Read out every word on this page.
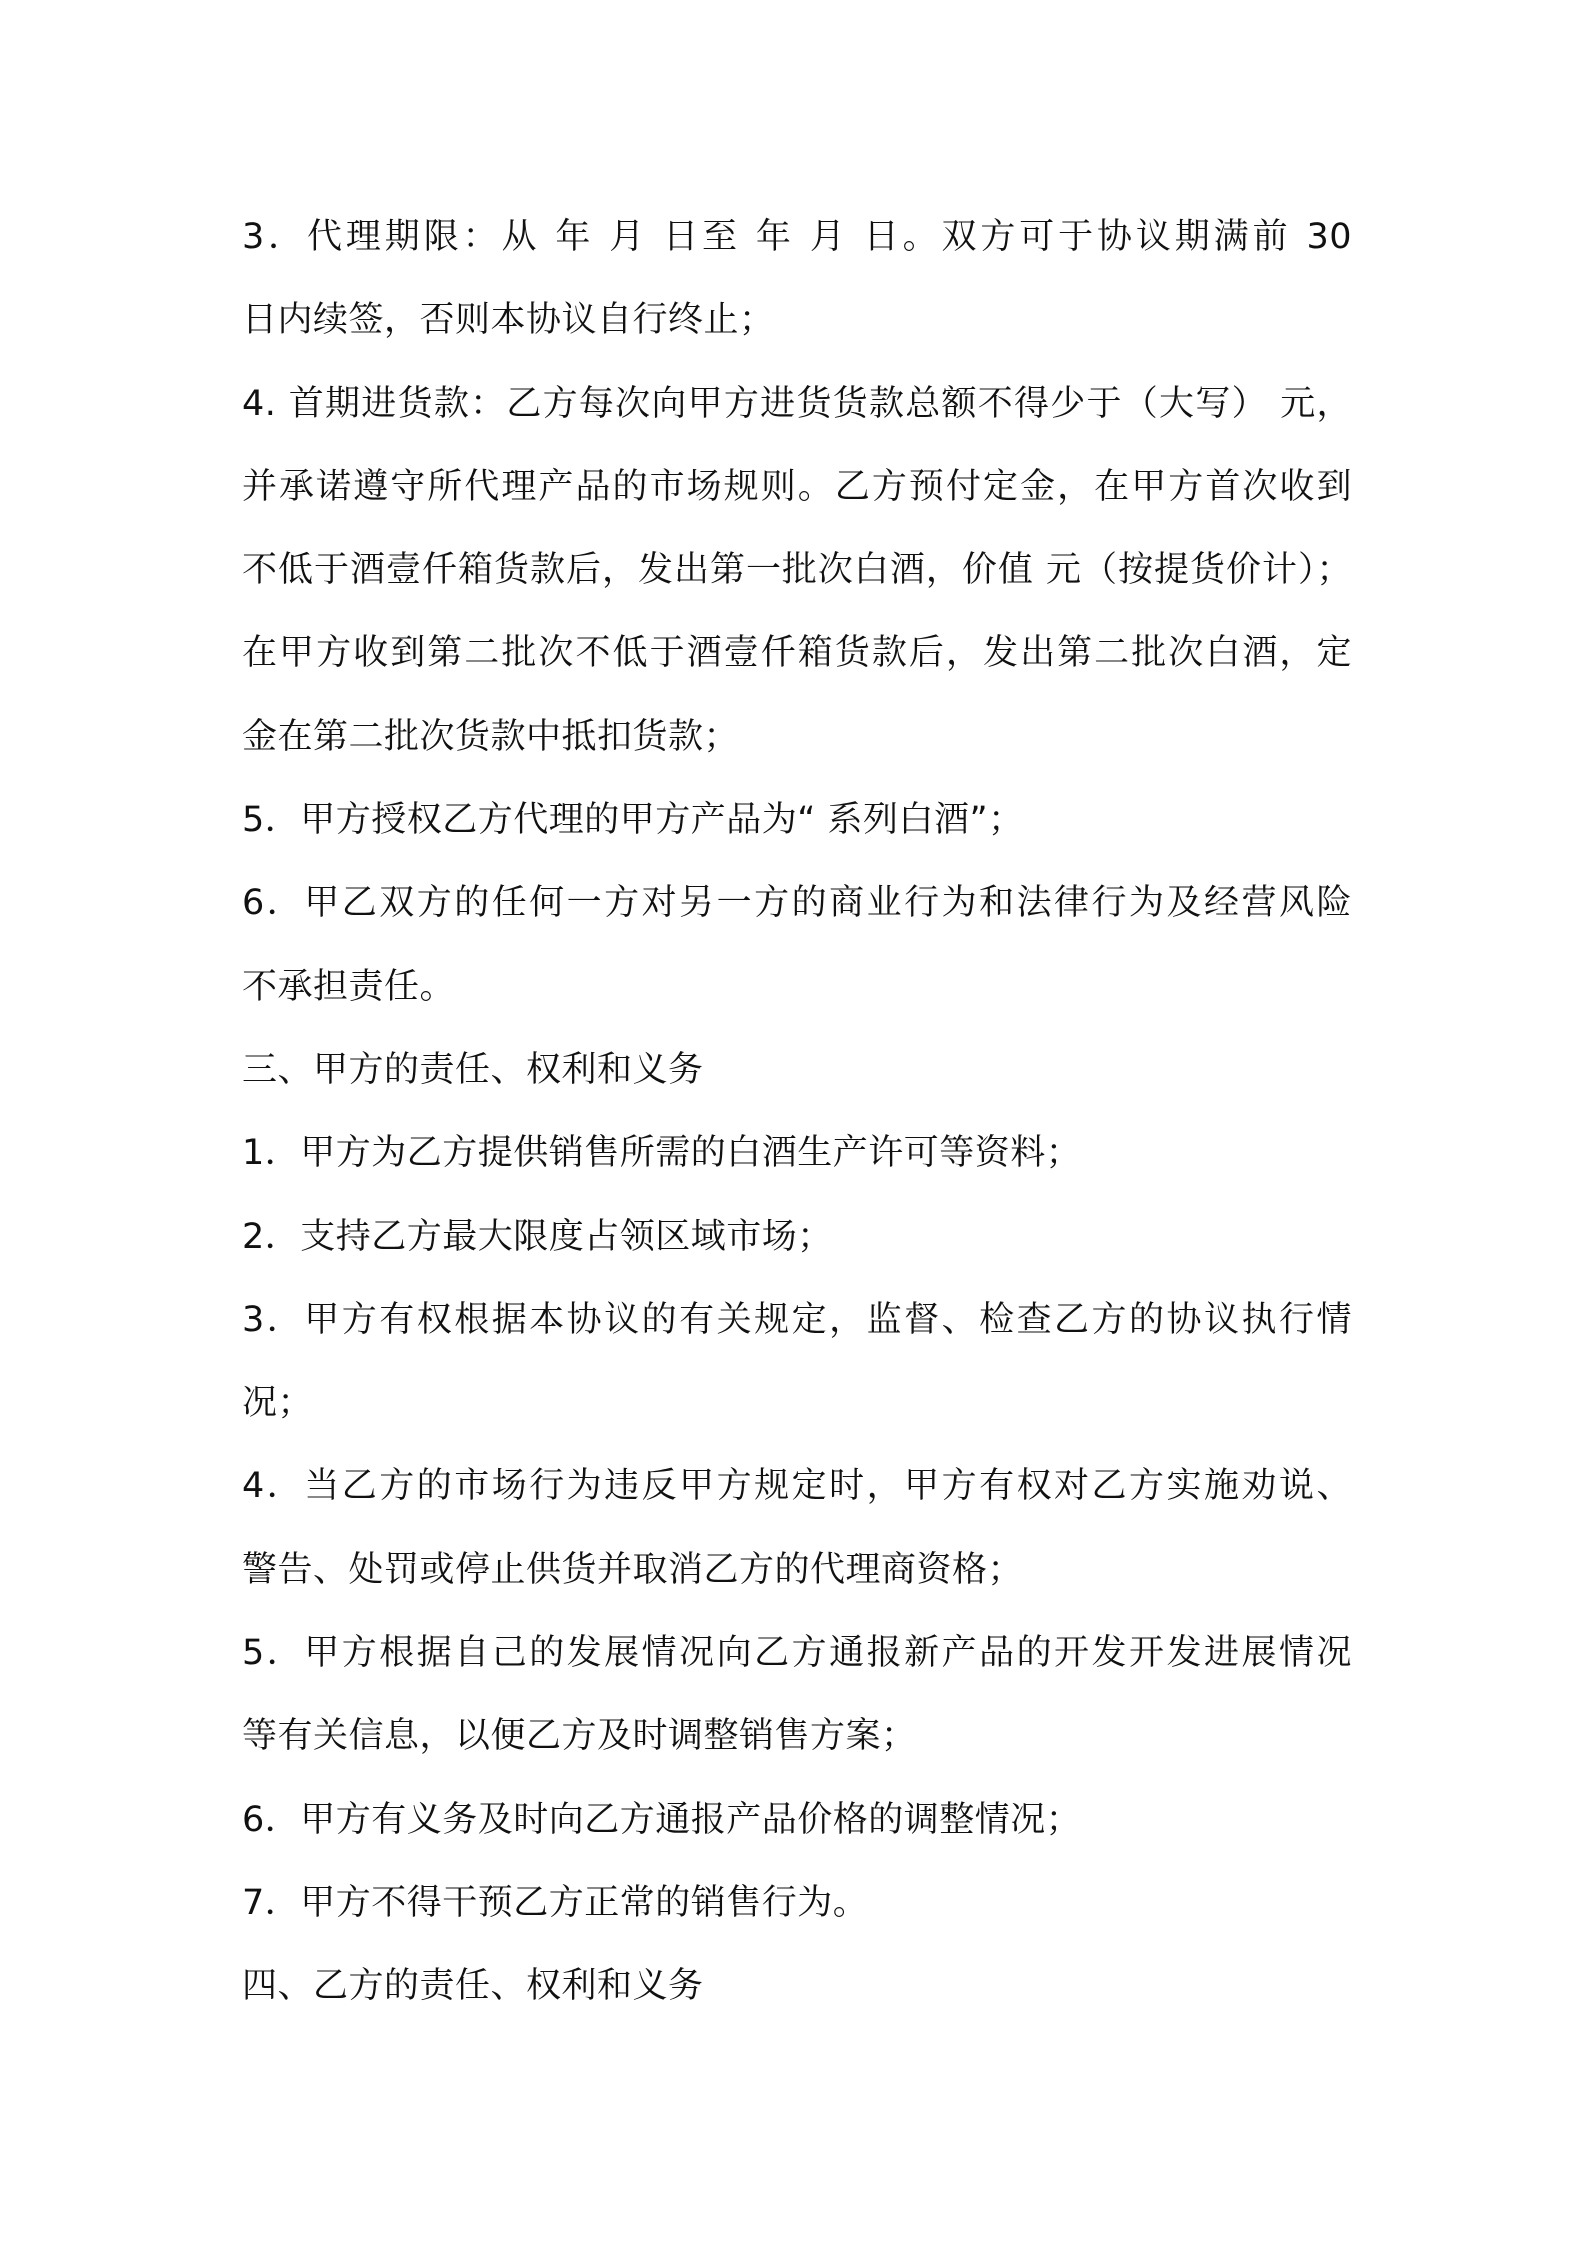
3．代理期限：从 年 月 日至 年 月 日。双方可于协议期满前 30
日内续签，否则本协议自行终止；
4. 首期进货款：乙方每次向甲方进货货款总额不得少于（大写） 元，
并承诺遵守所代理产品的市场规则。乙方预付定金，在甲方首次收到
不低于酒壹仟箱货款后，发出第一批次白酒，价值 元（按提货价计）；
在甲方收到第二批次不低于酒壹仟箱货款后，发出第二批次白酒，定
金在第二批次货款中抵扣货款；
5．甲方授权乙方代理的甲方产品为“ 系列白酒”；
6．甲乙双方的任何一方对另一方的商业行为和法律行为及经营风险
不承担责任。
三、甲方的责任、权利和义务
1．甲方为乙方提供销售所需的白酒生产许可等资料；
2．支持乙方最大限度占领区域市场；
3．甲方有权根据本协议的有关规定，监督、检查乙方的协议执行情
况；
4．当乙方的市场行为违反甲方规定时，甲方有权对乙方实施劝说、
警告、处罚或停止供货并取消乙方的代理商资格；
5．甲方根据自己的发展情况向乙方通报新产品的开发开发进展情况
等有关信息，以便乙方及时调整销售方案；
6．甲方有义务及时向乙方通报产品价格的调整情况；
7．甲方不得干预乙方正常的销售行为。
四、乙方的责任、权利和义务
